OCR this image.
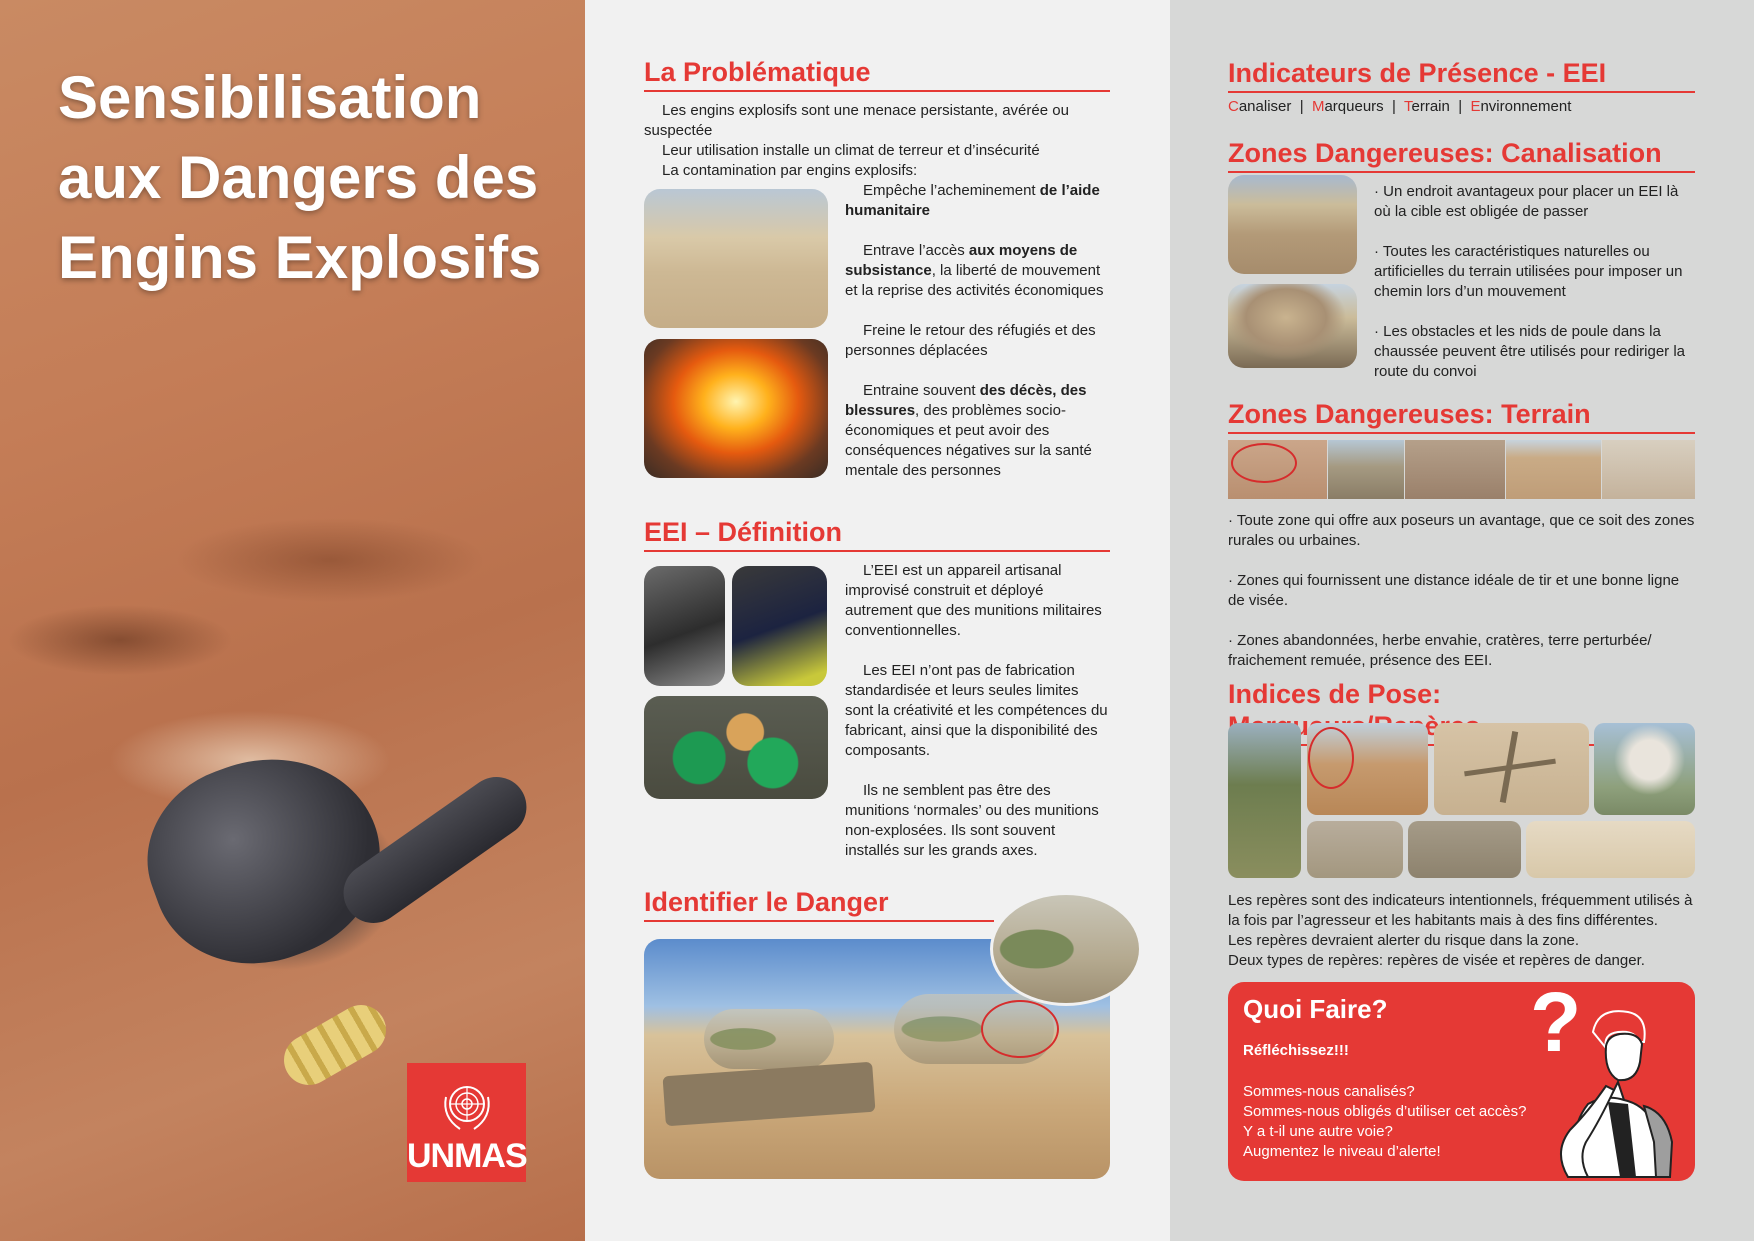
Sensibilisation
aux Dangers des
Engins Explosifs
UNMAS
La Problématique

Les engins explosifs sont une menace persistante, avérée ou suspectée

Leur utilisation installe un climat de terreur et d’insécurité

La contamination par engins explosifs:

Empêche l’acheminement de l’aide humanitaire

Entrave l’accès aux moyens de subsistance, la liberté de mouvement et la reprise des activités économiques

Freine le retour des réfugiés et des personnes déplacées

Entraine souvent des décès, des blessures, des problèmes socio-économiques et peut avoir des conséquences négatives sur la santé mentale des personnes

EEI – Définition

L’EEI est un appareil artisanal improvisé construit et déployé autrement que des munitions militaires conventionnelles.

Les EEI n’ont pas de fabrication standardisée et leurs seules limites sont la créativité et les compétences du fabricant, ainsi que la disponibilité des composants.

Ils ne semblent pas être des munitions ‘normales’ ou des munitions non-explosées. Ils sont souvent installés sur les grands axes.

Identifier le Danger
Indicateurs de Présence - EEI

Canaliser | Marqueurs | Terrain | Environnement

Zones Dangereuses: Canalisation

· Un endroit avantageux pour placer un EEI là où la cible est obligée de passer

· Toutes les caractéristiques naturelles ou artificielles du terrain utilisées pour imposer un chemin lors d’un mouvement

· Les obstacles et les nids de poule dans la chaussée peuvent être utilisés pour rediriger la route du convoi

Zones Dangereuses: Terrain

· Toute zone qui offre aux poseurs un avantage, que ce soit des zones rurales ou urbaines.

· Zones qui fournissent une distance idéale de tir et une bonne ligne de visée.

· Zones abandonnées, herbe envahie, cratères, terre perturbée/ fraichement remuée, présence des EEI.

Indices de Pose:

Les repères sont des indicateurs intentionnels, fréquemment utilisés à la fois par l’agresseur et les habitants mais à des fins différentes.

Les repères devraient alerter du risque dans la zone.

Deux types de repères: repères de visée et repères de danger.

Quoi Faire?

Réfléchissez!!!

Sommes-nous canalisés?

Sommes-nous obligés d’utiliser cet accès?

Y a t-il une autre voie?

Augmentez le niveau d’alerte!

?
